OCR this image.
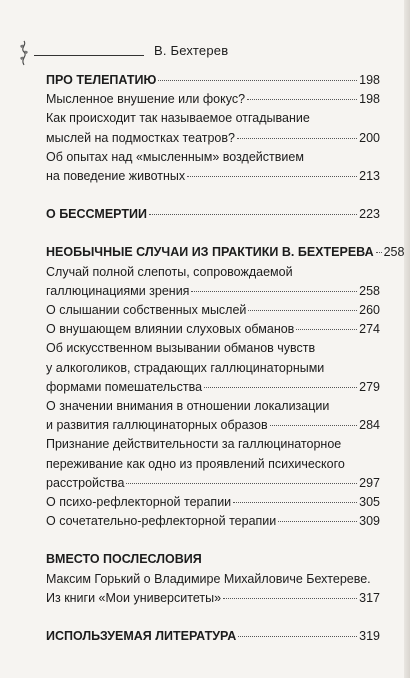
В. Бехтерев
ПРО ТЕЛЕПАТИЮ	198
Мысленное внушение или фокус?	198
Как происходит так называемое отгадывание
мыслей на подмостках театров?	200
Об опытах над «мысленным» воздействием
на поведение животных	213
О БЕССМЕРТИИ	223
НЕОБЫЧНЫЕ СЛУЧАИ ИЗ ПРАКТИКИ В. БЕХТЕРЕВА 258
Случай полной слепоты, сопровождаемой
галлюцинациями зрения	258
О слышании собственных мыслей	260
О внушающем влиянии слуховых обманов	274
Об искусственном вызывании обманов чувств
у алкоголиков, страдающих галлюцинаторными
формами помешательства	279
О значении внимания в отношении локализации
и развития галлюцинаторных образов	284
Признание действительности за галлюцинаторное
переживание как одно из проявлений психического
расстройства	297
О психо-рефлекторной терапии	305
О сочетательно-рефлекторной терапии	309
ВМЕСТО ПОСЛЕСЛОВИЯ
Максим Горький о Владимире Михайловиче Бехтереве.
Из книги «Мои университеты»	317
ИСПОЛЬЗУЕМАЯ ЛИТЕРАТУРА	319
